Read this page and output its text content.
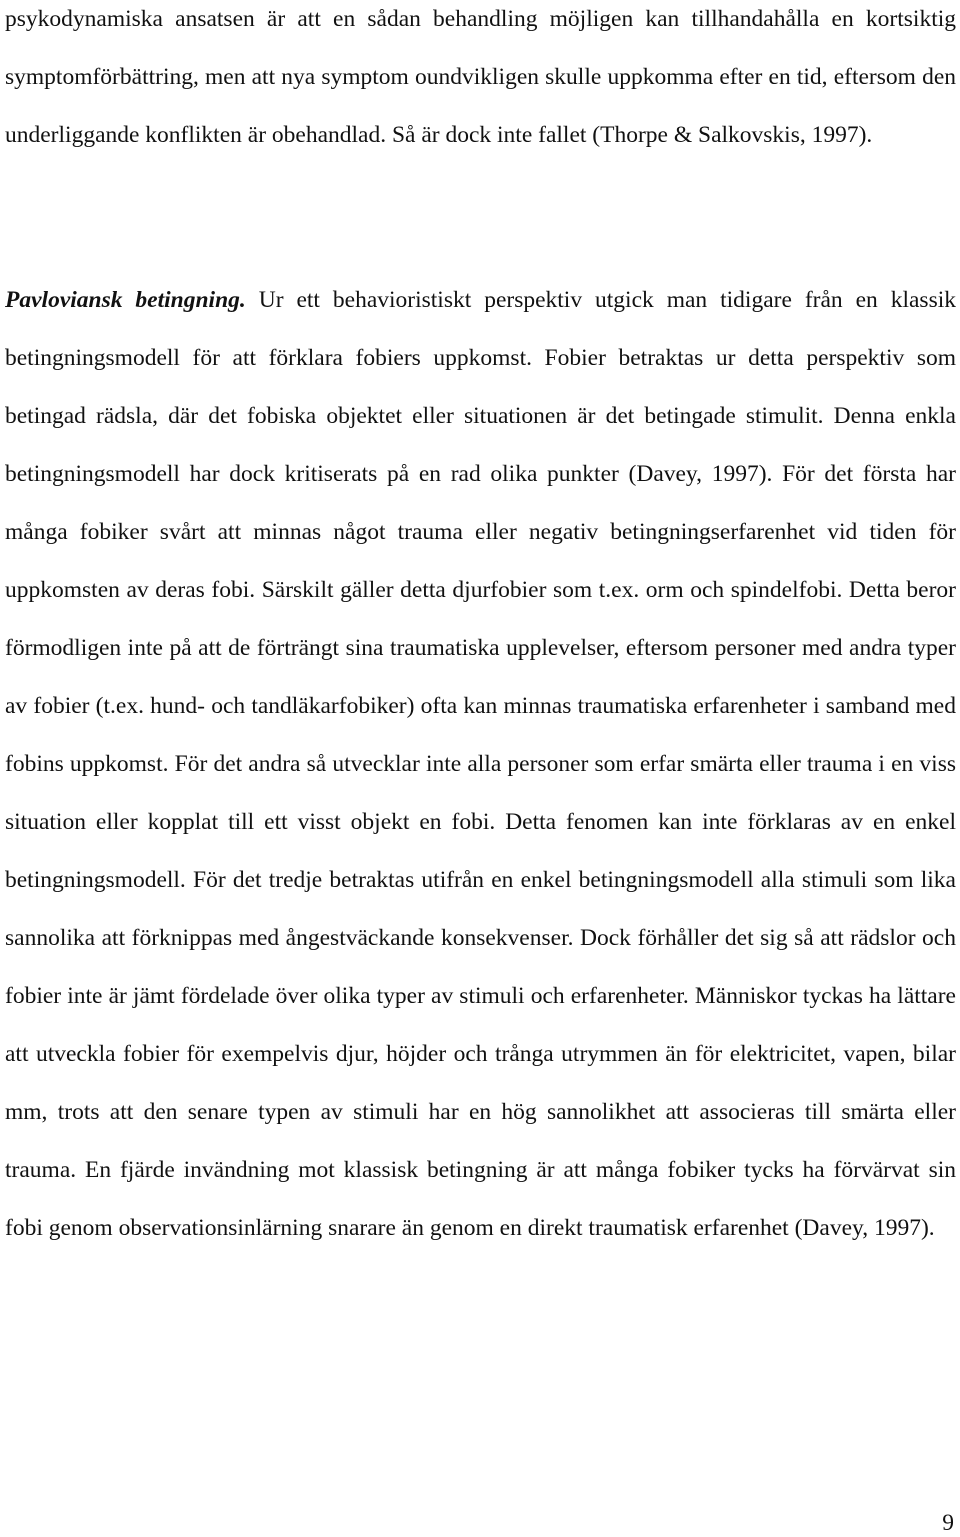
psykodynamiska ansatsen är att en sådan behandling möjligen kan tillhandahålla en kortsiktig symptomförbättring, men att nya symptom oundvikligen skulle uppkomma efter en tid, eftersom den underliggande konflikten är obehandlad. Så är dock inte fallet (Thorpe & Salkovskis, 1997).

Pavloviansk betingning. Ur ett behavioristiskt perspektiv utgick man tidigare från en klassik betingningsmodell för att förklara fobiers uppkomst. Fobier betraktas ur detta perspektiv som betingad rädsla, där det fobiska objektet eller situationen är det betingade stimulit. Denna enkla betingningsmodell har dock kritiserats på en rad olika punkter (Davey, 1997). För det första har många fobiker svårt att minnas något trauma eller negativ betingningserfarenhet vid tiden för uppkomsten av deras fobi. Särskilt gäller detta djurfobier som t.ex. orm och spindelfobi. Detta beror förmodligen inte på att de förträngt sina traumatiska upplevelser, eftersom personer med andra typer av fobier (t.ex. hund- och tandläkarfobiker) ofta kan minnas traumatiska erfarenheter i samband med fobins uppkomst. För det andra så utvecklar inte alla personer som erfar smärta eller trauma i en viss situation eller kopplat till ett visst objekt en fobi. Detta fenomen kan inte förklaras av en enkel betingningsmodell. För det tredje betraktas utifrån en enkel betingningsmodell alla stimuli som lika sannolika att förknippas med ångestväckande konsekvenser. Dock förhåller det sig så att rädslor och fobier inte är jämt fördelade över olika typer av stimuli och erfarenheter. Människor tyckas ha lättare att utveckla fobier för exempelvis djur, höjder och trånga utrymmen än för elektricitet, vapen, bilar mm, trots att den senare typen av stimuli har en hög sannolikhet att associeras till smärta eller trauma. En fjärde invändning mot klassisk betingning är att många fobiker tycks ha förvärvat sin fobi genom observationsinlärning snarare än genom en direkt traumatisk erfarenhet (Davey, 1997).

9
